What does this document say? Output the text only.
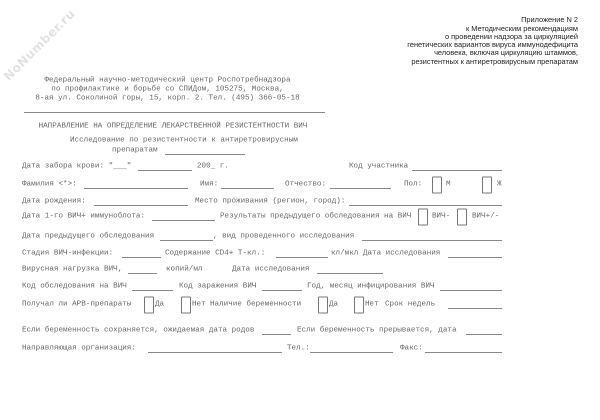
NoNumber.ru	Приложение N 2
к Методическим рекомендациям
о проведении надзора за циркуляцией
генетических вариантов вируса иммунодефицита
человека, включая циркуляцию штаммов,
резистентных к антиретровирусным препаратам
Федеральный научно-методический центр Роспотребнадзора
по профилактике и борьбе со СПИДом, 105275, Москва,
8-ая ул. Соколиной горы, 15, корп. 2. Тел. (495) 366-05-18
НАПРАВЛЕНИЕ НА ОПРЕДЕЛЕНИЕ ЛЕКАРСТВЕННОЙ РЕЗИСТЕНТНОСТИ ВИЧ
Исследование по резистентности к антиретровирусным
препаратам
Дата забора крови: "___"	200_ г.	Код участника
Фамилия <*>:	Имя:	Отчество:	Пол:	М	Ж
Дата рождения:	Место проживания (регион, город):
Дата 1-го ВИЧ+ иммуноблота:	Результаты предыдущего обследования на ВИЧ	ВИЧ-	ВИЧ+/-
Дата предыдущего обследования	, вид проведенного исследования
Стадия ВИЧ-инфекции:	Содержание CD4+ Т-кл.:	кл/мкл Дата исследования
Вирусная нагрузка ВИЧ,	копий/мл	Дата исследования
Код обследования на ВИЧ	Код заражения ВИЧ	Год, месяц инфицирования ВИЧ
Получал ли АРВ-препараты	Да	Нет Наличие беременности	Да	Нет Срок недель
Если беременность сохраняется, ожидаемая дата родов	Если беременность прерывается, дата
Направляющая организация:	Тел.:	Факс:
